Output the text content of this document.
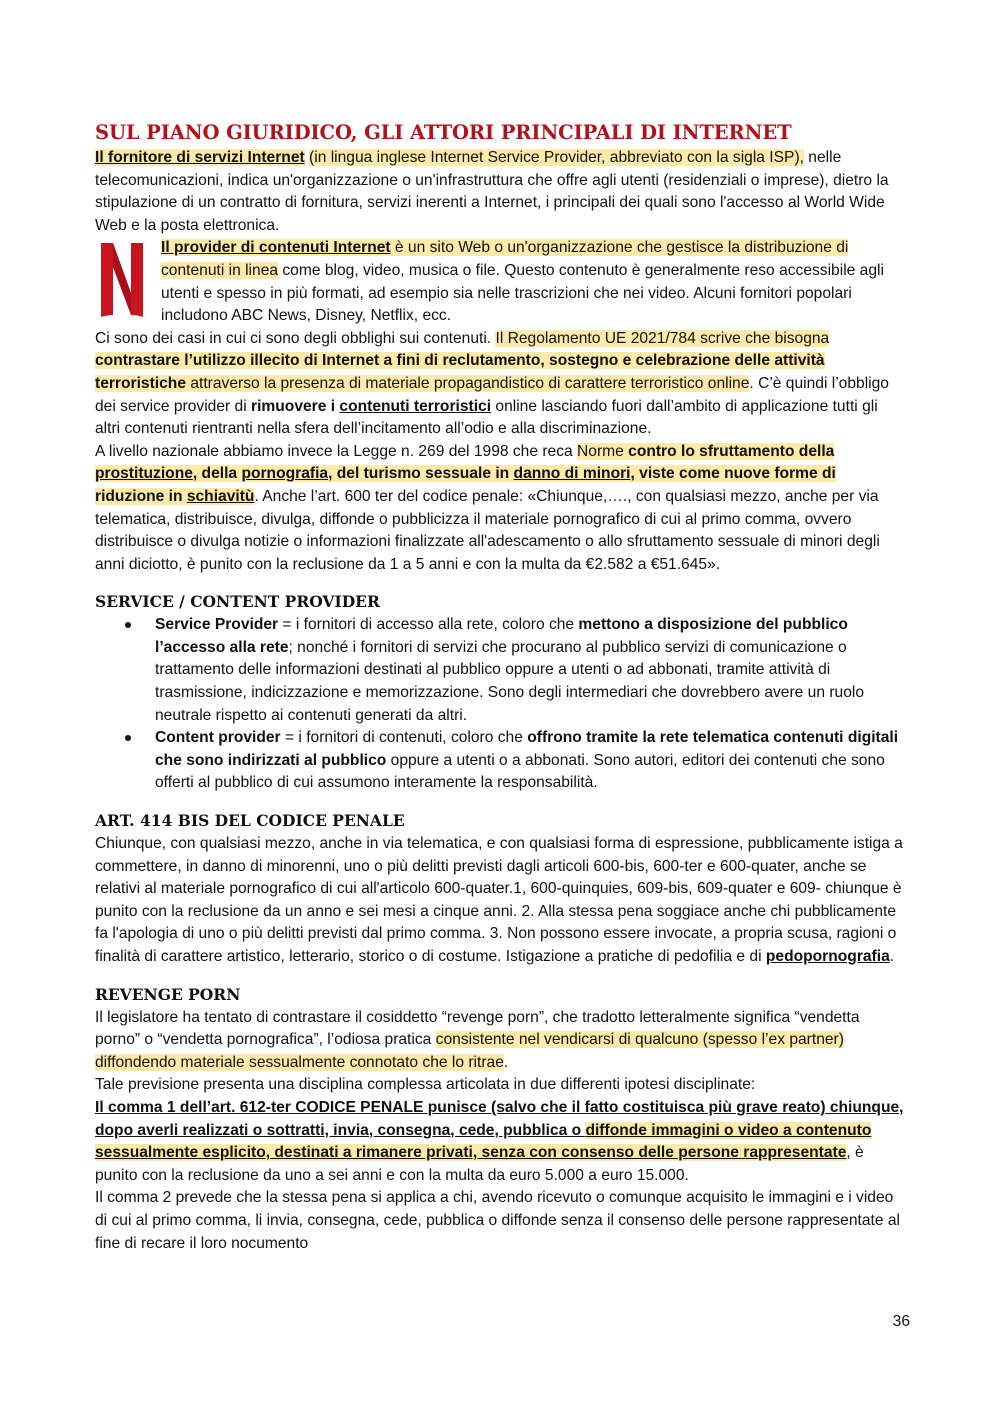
SUL PIANO GIURIDICO, GLI ATTORI PRINCIPALI DI INTERNET

Il fornitore di servizi Internet (in lingua inglese Internet Service Provider, abbreviato con la sigla ISP), nelle telecomunicazioni, indica un'organizzazione o un'infrastruttura che offre agli utenti (residenziali o imprese), dietro la stipulazione di un contratto di fornitura, servizi inerenti a Internet, i principali dei quali sono l'accesso al World Wide Web e la posta elettronica.

Il provider di contenuti Internet è un sito Web o un'organizzazione che gestisce la distribuzione di contenuti in linea come blog, video, musica o file. Questo contenuto è generalmente reso accessibile agli utenti e spesso in più formati, ad esempio sia nelle trascrizioni che nei video. Alcuni fornitori popolari includono ABC News, Disney, Netflix, ecc.

Ci sono dei casi in cui ci sono degli obblighi sui contenuti. Il Regolamento UE 2021/784 scrive che bisogna contrastare l’utilizzo illecito di Internet a fini di reclutamento, sostegno e celebrazione delle attività terroristiche attraverso la presenza di materiale propagandistico di carattere terroristico online. C’è quindi l’obbligo dei service provider di rimuovere i contenuti terroristici online lasciando fuori dall’ambito di applicazione tutti gli altri contenuti rientranti nella sfera dell’incitamento all’odio e alla discriminazione.

A livello nazionale abbiamo invece la Legge n. 269 del 1998 che reca Norme contro lo sfruttamento della prostituzione, della pornografia, del turismo sessuale in danno di minori, viste come nuove forme di riduzione in schiavitù. Anche l’art. 600 ter del codice penale: «Chiunque,…., con qualsiasi mezzo, anche per via telematica, distribuisce, divulga, diffonde o pubblicizza il materiale pornografico di cui al primo comma, ovvero distribuisce o divulga notizie o informazioni finalizzate all'adescamento o allo sfruttamento sessuale di minori degli anni diciotto, è punito con la reclusione da 1 a 5 anni e con la multa da €2.582 a €51.645».

SERVICE / CONTENT PROVIDER
Service Provider = i fornitori di accesso alla rete, coloro che mettono a disposizione del pubblico l’accesso alla rete; nonché i fornitori di servizi che procurano al pubblico servizi di comunicazione o trattamento delle informazioni destinati al pubblico oppure a utenti o ad abbonati, tramite attività di trasmissione, indicizzazione e memorizzazione. Sono degli intermediari che dovrebbero avere un ruolo neutrale rispetto ai contenuti generati da altri.
Content provider = i fornitori di contenuti, coloro che offrono tramite la rete telematica contenuti digitali che sono indirizzati al pubblico oppure a utenti o a abbonati. Sono autori, editori dei contenuti che sono offerti al pubblico di cui assumono interamente la responsabilità.
ART. 414 BIS DEL CODICE PENALE

Chiunque, con qualsiasi mezzo, anche in via telematica, e con qualsiasi forma di espressione, pubblicamente istiga a commettere, in danno di minorenni, uno o più delitti previsti dagli articoli 600-bis, 600-ter e 600-quater, anche se relativi al materiale pornografico di cui all'articolo 600-quater.1, 600-quinquies, 609-bis, 609-quater e 609- chiunque è punito con la reclusione da un anno e sei mesi a cinque anni. 2. Alla stessa pena soggiace anche chi pubblicamente fa l'apologia di uno o più delitti previsti dal primo comma. 3. Non possono essere invocate, a propria scusa, ragioni o finalità di carattere artistico, letterario, storico o di costume. Istigazione a pratiche di pedofilia e di pedopornografia.

REVENGE PORN

Il legislatore ha tentato di contrastare il cosiddetto “revenge porn”, che tradotto letteralmente significa “vendetta porno” o “vendetta pornografica”, l’odiosa pratica consistente nel vendicarsi di qualcuno (spesso l’ex partner) diffondendo materiale sessualmente connotato che lo ritrae.

Tale previsione presenta una disciplina complessa articolata in due differenti ipotesi disciplinate:

Il comma 1 dell’art. 612-ter CODICE PENALE punisce (salvo che il fatto costituisca più grave reato) chiunque, dopo averli realizzati o sottratti, invia, consegna, cede, pubblica o diffonde immagini o video a contenuto sessualmente esplicito, destinati a rimanere privati, senza con consenso delle persone rappresentate, è punito con la reclusione da uno a sei anni e con la multa da euro 5.000 a euro 15.000.

Il comma 2 prevede che la stessa pena si applica a chi, avendo ricevuto o comunque acquisito le immagini e i video di cui al primo comma, li invia, consegna, cede, pubblica o diffonde senza il consenso delle persone rappresentate al fine di recare il loro nocumento

36
